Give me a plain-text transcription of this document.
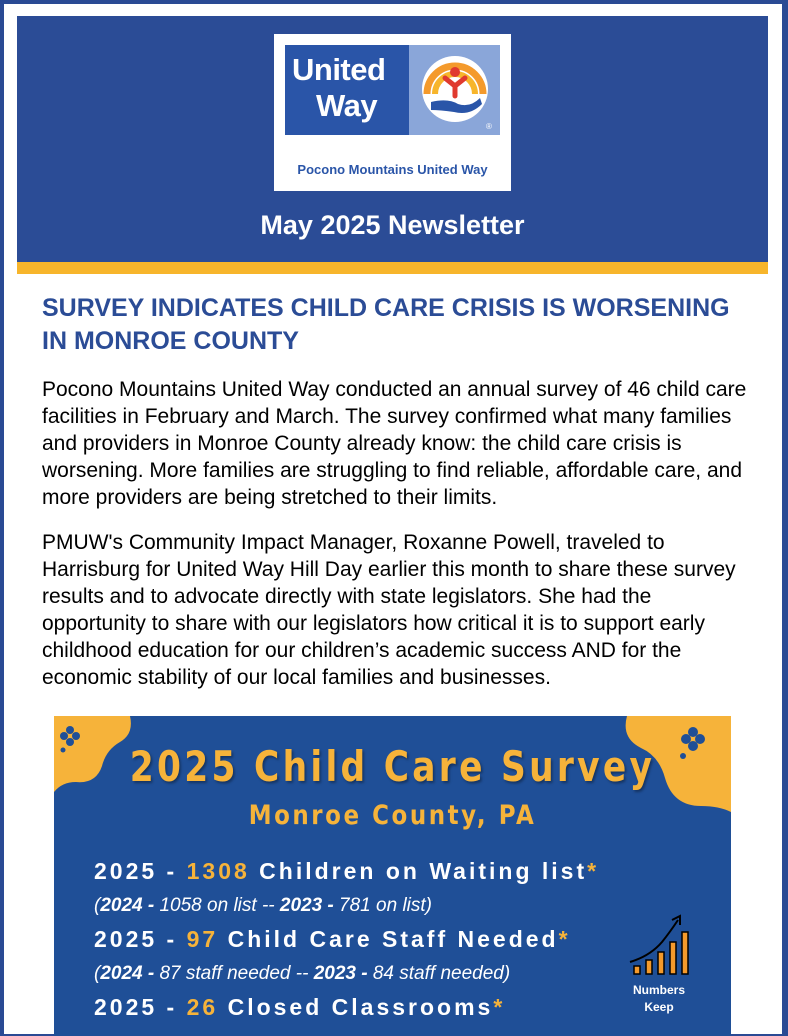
United
Way
®
Pocono Mountains United Way
May 2025 Newsletter
SURVEY INDICATES CHILD CARE CRISIS IS WORSENING IN MONROE COUNTY

Pocono Mountains United Way conducted an annual survey of 46 child care facilities in February and March. The survey confirmed what many families and providers in Monroe County already know: the child care crisis is worsening. More families are struggling to find reliable, affordable care, and more providers are being stretched to their limits.

PMUW's Community Impact Manager, Roxanne Powell, traveled to Harrisburg for United Way Hill Day earlier this month to share these survey results and to advocate directly with state legislators. She had the opportunity to share with our legislators how critical it is to support early childhood education for our children’s academic success AND for the economic stability of our local families and businesses.

2025 Child Care Survey
Monroe County, PA
2025 - 1308 Children on Waiting list*
(2024 - 1058 on list -- 2023 - 781 on list)
2025 - 97 Child Care Staff Needed*
(2024 - 87 staff needed -- 2023 - 84 staff needed)
2025 - 26 Closed Classrooms*
Numbers
Keep
